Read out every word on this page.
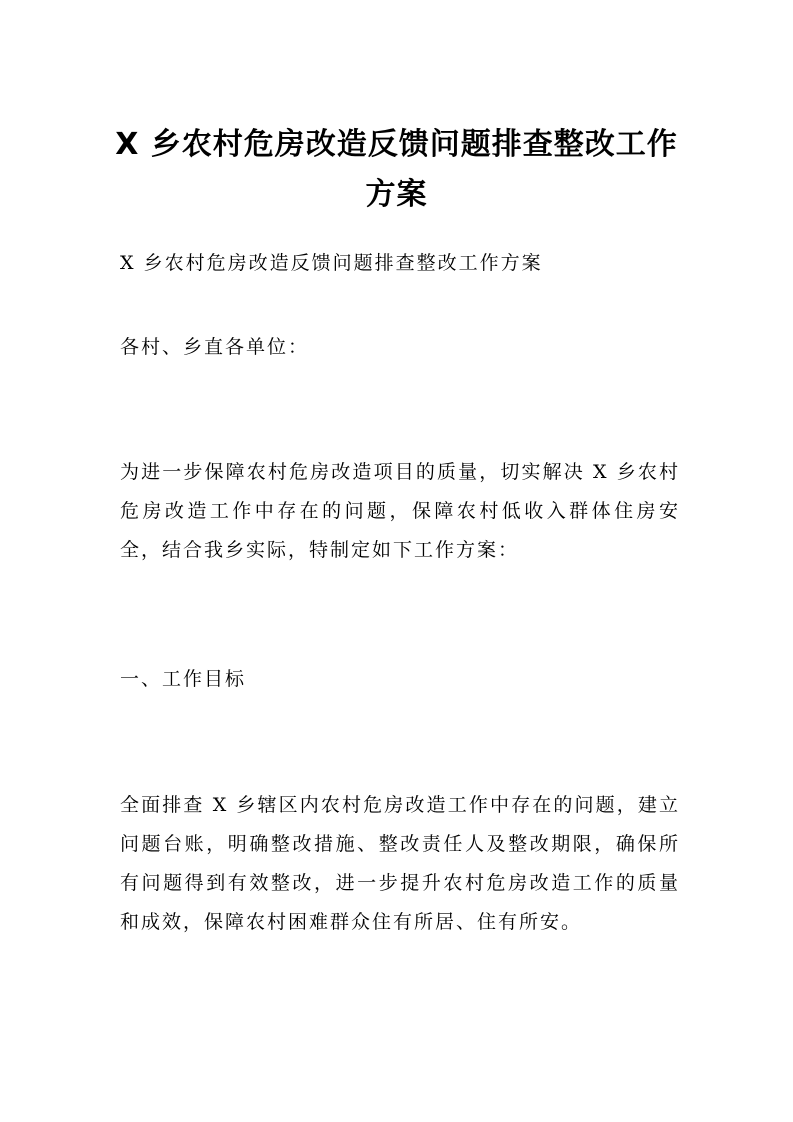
X 乡农村危房改造反馈问题排查整改工作方案

X 乡农村危房改造反馈问题排查整改工作方案

各村、乡直各单位：

为进一步保障农村危房改造项目的质量，切实解决 X 乡农村危房改造工作中存在的问题，保障农村低收入群体住房安全，结合我乡实际，特制定如下工作方案：

一、工作目标

全面排查 X 乡辖区内农村危房改造工作中存在的问题，建立问题台账，明确整改措施、整改责任人及整改期限，确保所有问题得到有效整改，进一步提升农村危房改造工作的质量和成效，保障农村困难群众住有所居、住有所安。
